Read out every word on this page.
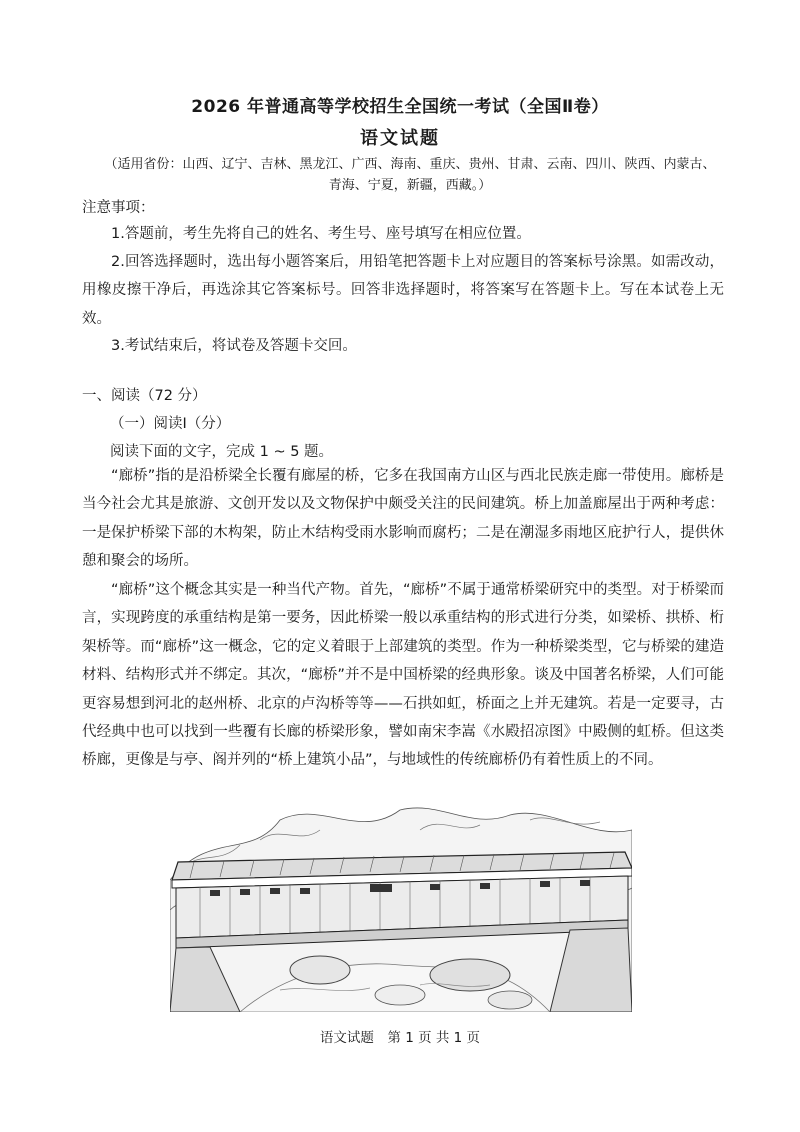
2026 年普通高等学校招生全国统一考试（全国Ⅱ卷）
语文试题
（适用省份：山西、辽宁、吉林、黑龙江、广西、海南、重庆、贵州、甘肃、云南、四川、陕西、内蒙古、
青海、宁夏，新疆，西藏。）
注意事项：
1.答题前，考生先将自己的姓名、考生号、座号填写在相应位置。
2.回答选择题时，选出每小题答案后，用铅笔把答题卡上对应题目的答案标号涂黑。如需改动，用橡皮擦干净后，再选涂其它答案标号。回答非选择题时，将答案写在答题卡上。写在本试卷上无效。
3.考试结束后，将试卷及答题卡交回。
一、阅读（72 分）
（一）阅读Ⅰ（分）
阅读下面的文字，完成 1 ~ 5 题。
“廊桥”指的是沿桥梁全长覆有廊屋的桥，它多在我国南方山区与西北民族走廊一带使用。廊桥是当今社会尤其是旅游、文创开发以及文物保护中颇受关注的民间建筑。桥上加盖廊屋出于两种考虑：一是保护桥梁下部的木构架，防止木结构受雨水影响而腐朽；二是在潮湿多雨地区庇护行人，提供休憩和聚会的场所。
“廊桥”这个概念其实是一种当代产物。首先，“廊桥”不属于通常桥梁研究中的类型。对于桥梁而言，实现跨度的承重结构是第一要务，因此桥梁一般以承重结构的形式进行分类，如梁桥、拱桥、桁架桥等。而“廊桥”这一概念，它的定义着眼于上部建筑的类型。作为一种桥梁类型，它与桥梁的建造材料、结构形式并不绑定。其次，“廊桥”并不是中国桥梁的经典形象。谈及中国著名桥梁，人们可能更容易想到河北的赵州桥、北京的卢沟桥等等——石拱如虹，桥面之上并无建筑。若是一定要寻，古代经典中也可以找到一些覆有长廊的桥梁形象，譬如南宋李嵩《水殿招凉图》中殿侧的虹桥。但这类桥廊，更像是与亭、阁并列的“桥上建筑小品”，与地域性的传统廊桥仍有着性质上的不同。
语文试题　第 1 页 共 1 页
